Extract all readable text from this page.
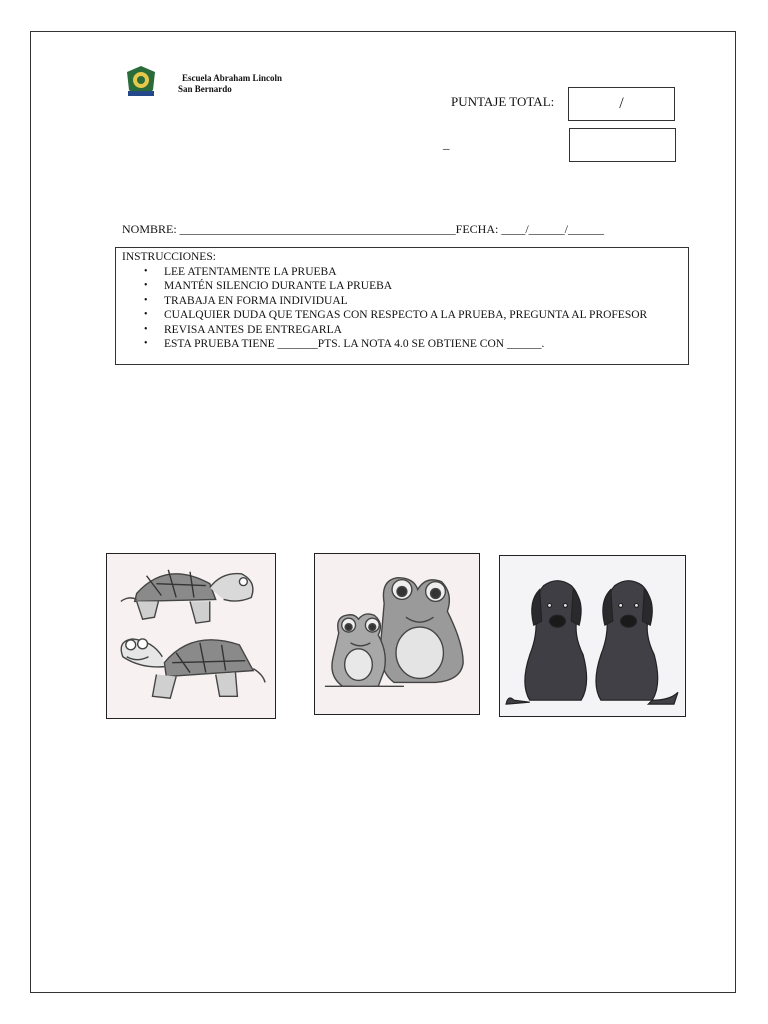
Escuela Abraham Lincoln
San Bernardo
PUNTAJE TOTAL:	/
_
NOMBRE: ______________________________________________FECHA: ____/______/______
INSTRUCCIONES:
• LEE ATENTAMENTE LA PRUEBA
• MANTÉN SILENCIO DURANTE LA PRUEBA
• TRABAJA EN FORMA INDIVIDUAL
• CUALQUIER DUDA QUE TENGAS CON RESPECTO A LA PRUEBA, PREGUNTA AL PROFESOR
• REVISA ANTES DE ENTREGARLA
• ESTA PRUEBA TIENE _______PTS. LA NOTA 4.0 SE OBTIENE CON ______.
